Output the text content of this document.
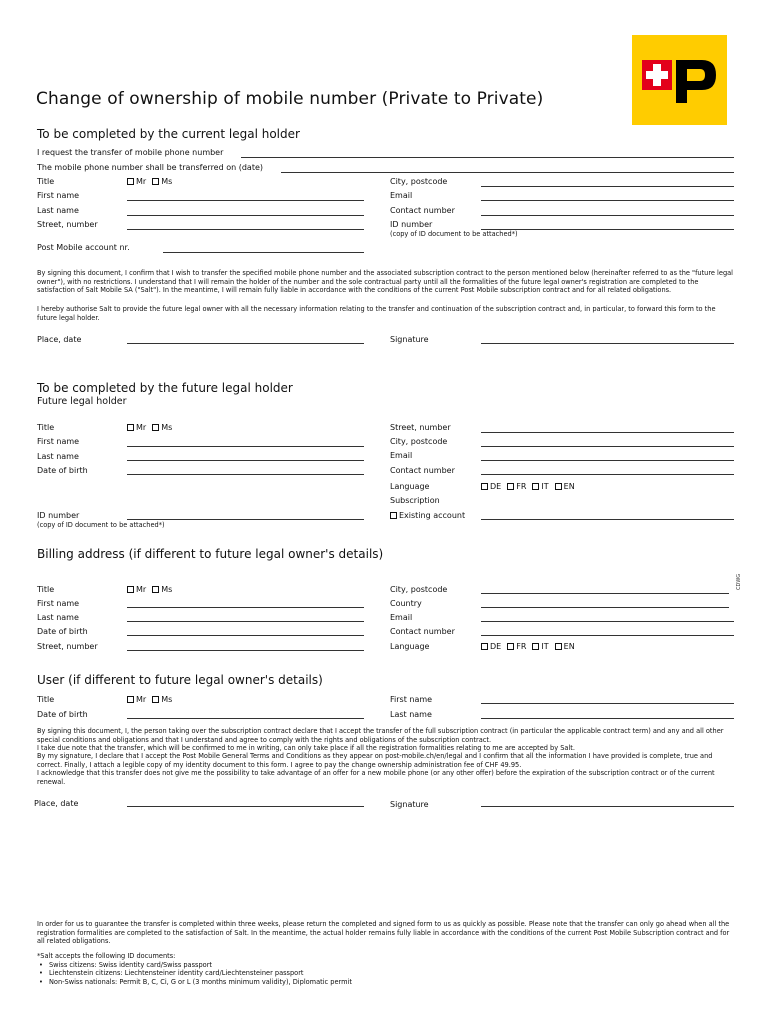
Change of ownership of mobile number (Private to Private)
To be completed by the current legal holder
I request the transfer of mobile phone number
The mobile phone number shall be transferred on (date)
Title	Mr Ms
First name
Last name
Street, number
City, postcode
Email
Contact number
ID number
(copy of ID document to be attached*)
Post Mobile account nr.
By signing this document, I confirm that I wish to transfer the specified mobile phone number and the associated subscription contract to the person mentioned below (hereinafter referred to as the "future legal owner"), with no restrictions. I understand that I will remain the holder of the number and the sole contractual party until all the formalities of the future legal owner's registration are completed to the satisfaction of Salt Mobile SA ("Salt"). In the meantime, I will remain fully liable in accordance with the conditions of the current Post Mobile subscription contract and for all related obligations.
I hereby authorise Salt to provide the future legal owner with all the necessary information relating to the transfer and continuation of the subscription contract and, in particular, to forward this form to the future legal holder.
Place, date	Signature
To be completed by the future legal holder
Future legal holder
Title	Mr Ms
First name
Last name
Date of birth
Street, number
City, postcode
Email
Contact number
Language	DE FR IT EN
Subscription
Existing account
ID number
(copy of ID document to be attached*)
Billing address (if different to future legal owner's details)
Title	Mr Ms
First name
Last name
Date of birth
Street, number
City, postcode
Country
Email
Contact number
Language	DE FR IT EN
CDWG
User (if different to future legal owner's details)
Title	Mr Ms
Date of birth
First name
Last name
By signing this document, I, the person taking over the subscription contract declare that I accept the transfer of the full subscription contract (in particular the applicable contract term) and any and all other special conditions and obligations and that I understand and agree to comply with the rights and obligations of the subscription contract.
I take due note that the transfer, which will be confirmed to me in writing, can only take place if all the registration formalities relating to me are accepted by Salt.
By my signature, I declare that I accept the Post Mobile General Terms and Conditions as they appear on post-mobile.ch/en/legal and I confirm that all the information I have provided is complete, true and correct. Finally, I attach a legible copy of my identity document to this form. I agree to pay the change ownership administration fee of CHF 49.95.
I acknowledge that this transfer does not give me the possibility to take advantage of an offer for a new mobile phone (or any other offer) before the expiration of the subscription contract or of the current renewal.
Place, date	Signature
In order for us to guarantee the transfer is completed within three weeks, please return the completed and signed form to us as quickly as possible. Please note that the transfer can only go ahead when all the registration formalities are completed to the satisfaction of Salt. In the meantime, the actual holder remains fully liable in accordance with the conditions of the current Post Mobile Subscription contract and for all related obligations.
*Salt accepts the following ID documents:
• Swiss citizens: Swiss identity card/Swiss passport
• Liechtenstein citizens: Liechtensteiner identity card/Liechtensteiner passport
• Non-Swiss nationals: Permit B, C, Ci, G or L (3 months minimum validity), Diplomatic permit
